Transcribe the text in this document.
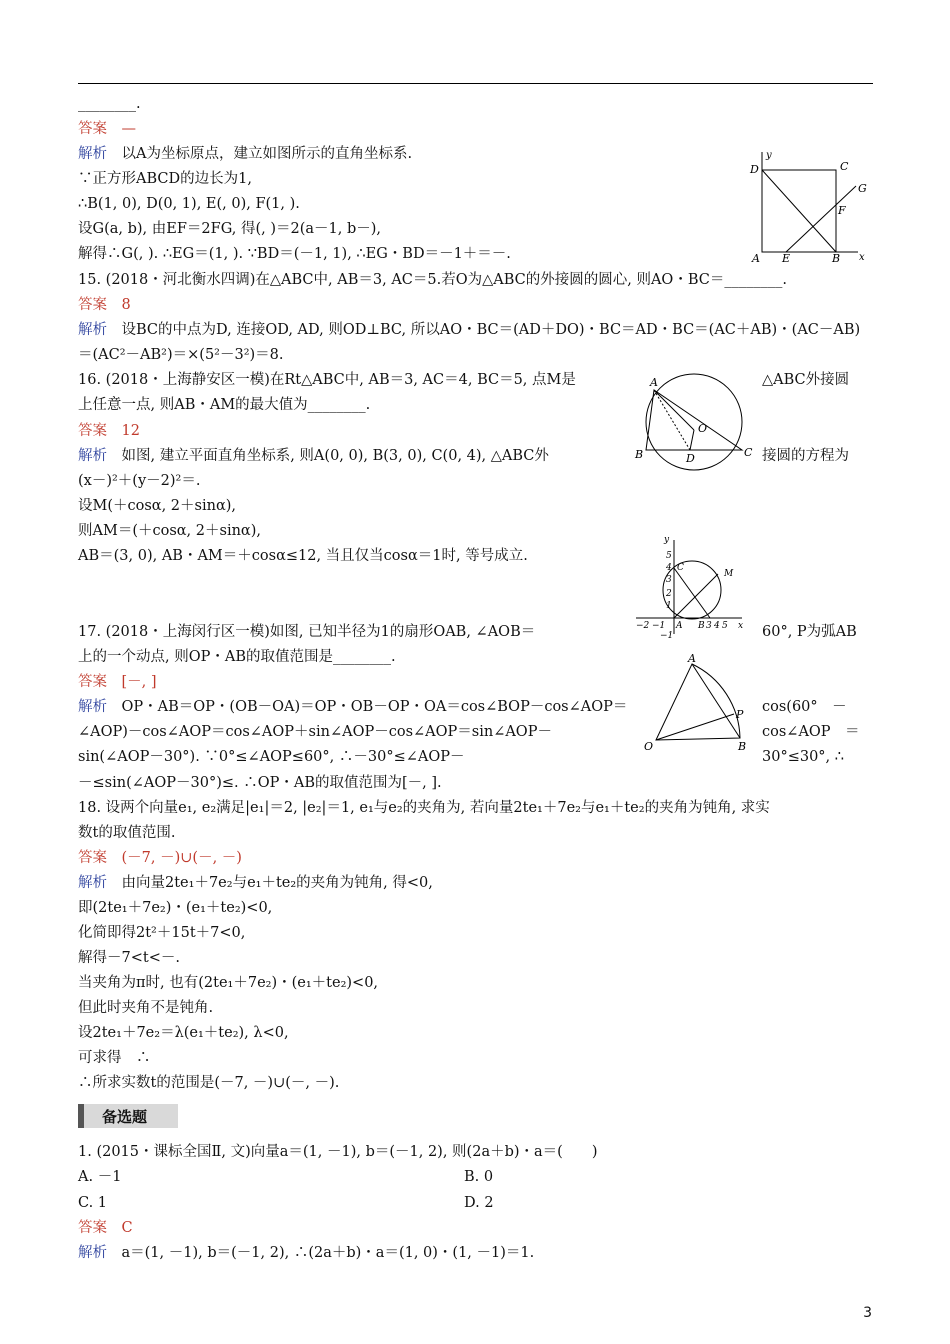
________.
答案　—
解析　以A为坐标原点，建立如图所示的直角坐标系.
∵正方形ABCD的边长为1,
∴B(1, 0), D(0, 1), E(, 0), F(1, ).
设G(a, b), 由EF＝2FG, 得(, )＝2(a－1, b－),
解得∴G(, ). ∴EG＝(1, ). ∵BD＝(－1, 1), ∴EG・BD＝－1＋＝－.
15. (2018・河北衡水四调)在△ABC中, AB＝3, AC＝5.若O为△ABC的外接圆的圆心, 则AO・BC＝________.
答案　8
解析　设BC的中点为D, 连接OD, AD, 则OD⊥BC, 所以AO・BC＝(AD＋DO)・BC＝AD・BC＝(AC＋AB)・(AC－AB)
＝(AC²－AB²)＝×(5²－3²)＝8.
16. (2018・上海静安区一模)在Rt△ABC中, AB＝3, AC＝4, BC＝5, 点M是
上任意一点, 则AB・AM的最大值为________.
答案　12
解析　如图, 建立平面直角坐标系, 则A(0, 0), B(3, 0), C(0, 4), △ABC外
(x－)²＋(y－2)²＝.
设M(＋cosα, 2＋sinα),
则AM＝(＋cosα, 2＋sinα),
AB＝(3, 0), AB・AM＝＋cosα≤12, 当且仅当cosα＝1时, 等号成立.
17. (2018・上海闵行区一模)如图, 已知半径为1的扇形OAB, ∠AOB＝
上的一个动点, 则OP・AB的取值范围是________.
答案　[－, ]
解析　OP・AB＝OP・(OB－OA)＝OP・OB－OP・OA＝cos∠BOP－cos∠AOP＝
∠AOP)－cos∠AOP＝cos∠AOP＋sin∠AOP－cos∠AOP＝sin∠AOP－
sin(∠AOP－30°). ∵0°≤∠AOP≤60°, ∴－30°≤∠AOP－
－≤sin(∠AOP－30°)≤. ∴OP・AB的取值范围为[－, ].
18. 设两个向量e₁, e₂满足|e₁|＝2, |e₂|＝1, e₁与e₂的夹角为, 若向量2te₁＋7e₂与e₁＋te₂的夹角为钝角, 求实
数t的取值范围.
答案　(－7, －)∪(－, －)
解析　由向量2te₁＋7e₂与e₁＋te₂的夹角为钝角, 得<0,
即(2te₁＋7e₂)・(e₁＋te₂)<0,
化简即得2t²＋15t＋7<0,
解得－7<t<－.
当夹角为π时, 也有(2te₁＋7e₂)・(e₁＋te₂)<0,
但此时夹角不是钝角.
设2te₁＋7e₂＝λ(e₁＋te₂), λ<0,
可求得　∴
∴所求实数t的范围是(－7, －)∪(－, －).
备选题
1. (2015・课标全国Ⅱ, 文)向量a＝(1, －1), b＝(－1, 2), 则(2a＋b)・a＝(　　)
A. －1	B. 0
C. 1	D. 2
答案　C
解析　a＝(1, －1), b＝(－1, 2), ∴(2a＋b)・a＝(1, 0)・(1, －1)＝1.
△ABC外接圆
接圆的方程为
60°, P为弧AB
cos(60°　－
cos∠AOP　＝
30°≤30°, ∴
y
D	C
G
F
A E	B x
A
O
B	D	C
y
5
4
3
2
1
C
M
−2 −1 A B 3 4 5 x
−1
A
P
O	B
3
